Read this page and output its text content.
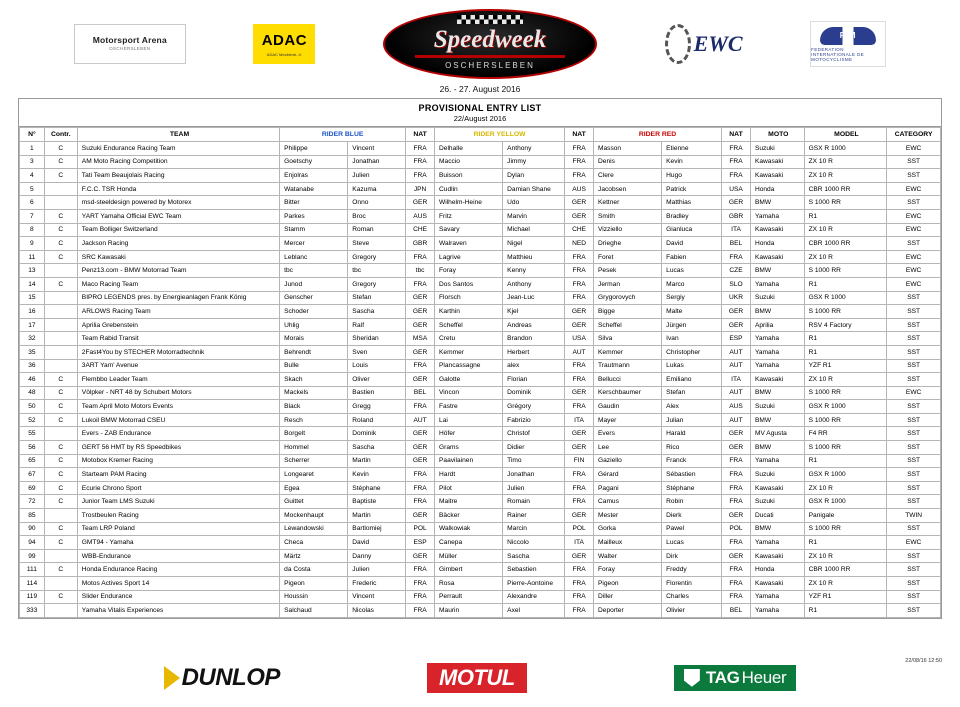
Motorsport Arena
OSCHERSLEBEN	ADAC
ADAC Mecklenb.-V.
Speedweek
OSCHERSLEBEN
EWC	FIM
FEDERATION INTERNATIONALE DE MOTOCYCLISME
26. - 27. August 2016
PROVISIONAL ENTRY LIST
22/August 2016
N°	Contr.	TEAM	RIDER BLUE		NAT	RIDER YELLOW		NAT	RIDER RED		NAT	MOTO	MODEL	CATEGORY
1	C	Suzuki Endurance Racing Team	Philippe	Vincent	FRA	Delhalle	Anthony	FRA	Masson	Etienne	FRA	Suzuki	GSX R 1000	EWC
3	C	AM Moto Racing Competition	Goetschy	Jonathan	FRA	Maccio	Jimmy	FRA	Denis	Kevin	FRA	Kawasaki	ZX 10 R	SST
4	C	Tati Team Beaujolais Racing	Enjolras	Julien	FRA	Buisson	Dylan	FRA	Clere	Hugo	FRA	Kawasaki	ZX 10 R	SST
5		F.C.C. TSR Honda	Watanabe	Kazuma	JPN	Cudlin	Damian Shane	AUS	Jacobsen	Patrick	USA	Honda	CBR 1000 RR	EWC
6		msd-steeldesign powered by Motorex	Bitter	Onno	GER	Wilhelm-Heine	Udo	GER	Kettner	Matthias	GER	BMW	S 1000 RR	SST
7	C	YART Yamaha Official EWC Team	Parkes	Broc	AUS	Fritz	Marvin	GER	Smith	Bradley	GBR	Yamaha	R1	EWC
8	C	Team Bolliger Switzerland	Stamm	Roman	CHE	Savary	Michael	CHE	Vizziello	Gianluca	ITA	Kawasaki	ZX 10 R	EWC
9	C	Jackson Racing	Mercer	Steve	GBR	Walraven	Nigel	NED	Drieghe	David	BEL	Honda	CBR 1000 RR	SST
11	C	SRC Kawasaki	Leblanc	Gregory	FRA	Lagrive	Matthieu	FRA	Foret	Fabien	FRA	Kawasaki	ZX 10 R	EWC
13		Penz13.com - BMW Motorrad Team	tbc	tbc	tbc	Foray	Kenny	FRA	Pesek	Lucas	CZE	BMW	S 1000 RR	EWC
14	C	Maco Racing Team	Junod	Gregory	FRA	Dos Santos	Anthony	FRA	Jerman	Marco	SLO	Yamaha	R1	EWC
15		BIPRO LEGENDS pres. by Energieanlagen Frank König	Genscher	Stefan	GER	Florsch	Jean-Luc	FRA	Grygorovych	Sergiy	UKR	Suzuki	GSX R 1000	SST
16		ARLOWS Racing Team	Schoder	Sascha	GER	Karthin	Kjel	GER	Bigge	Malte	GER	BMW	S 1000 RR	SST
17		Aprilia Grebenstein	Uhlig	Ralf	GER	Scheffel	Andreas	GER	Scheffel	Jürgen	GER	Aprilia	RSV 4 Factory	SST
32		Team Rabid Transit	Morais	Sheridan	MSA	Cretu	Brandon	USA	Silva	Ivan	ESP	Yamaha	R1	SST
35		2Fast4You by STECHER Motorradtechnik	Behrendt	Sven	GER	Kemmer	Herbert	AUT	Kemmer	Christopher	AUT	Yamaha	R1	SST
36		3ART Yam' Avenue	Bulle	Louis	FRA	Plancassagne	alex	FRA	Trautmann	Lukas	AUT	Yamaha	YZF R1	SST
46	C	Flembbo Leader Team	Skach	Oliver	GER	Galotte	Florian	FRA	Bellucci	Emiliano	ITA	Kawasaki	ZX 10 R	SST
48	C	Völpker - NRT 48 by Schubert Motors	Mackels	Bastien	BEL	Vincon	Dominik	GER	Kerschbaumer	Stefan	AUT	BMW	S 1000 RR	EWC
50	C	Team April Moto Motors Events	Black	Gregg	FRA	Fastre	Grégory	FRA	Gaudin	Alex	AUS	Suzuki	GSX R 1000	SST
52	C	Lukoil BMW Motorrad CSEU	Resch	Roland	AUT	Lai	Fabrizio	ITA	Mayer	Julian	AUT	BMW	S 1000 RR	SST
55		Evers - ZAB Endurance	Borgelt	Dominik	GER	Höfer	Christof	GER	Evers	Harald	GER	MV Agusta	F4 RR	SST
56	C	GERT 56 HMT by RS Speedbikes	Hommel	Sascha	GER	Grams	Didier	GER	Lee	Rico	GER	BMW	S 1000 RR	SST
65	C	Motobox Kremer Racing	Scherrer	Martin	GER	Paavilainen	Timo	FIN	Gaziello	Franck	FRA	Yamaha	R1	SST
67	C	Starteam PAM Racing	Longearet	Kevin	FRA	Hardt	Jonathan	FRA	Gérard	Sébastien	FRA	Suzuki	GSX R 1000	SST
69	C	Ecurie Chrono Sport	Egea	Stéphane	FRA	Pilot	Julien	FRA	Pagani	Stéphane	FRA	Kawasaki	ZX 10 R	SST
72	C	Junior Team LMS Suzuki	Guittet	Baptiste	FRA	Maitre	Romain	FRA	Camus	Robin	FRA	Suzuki	GSX R 1000	SST
85		Trostbeulen Racing	Mockenhaupt	Martin	GER	Bäcker	Rainer	GER	Mester	Dierk	GER	Ducati	Panigale	TWIN
90	C	Team LRP Poland	Lewandowski	Bartlomiej	POL	Walkowiak	Marcin	POL	Gorka	Pawel	POL	BMW	S 1000 RR	SST
94	C	GMT94 - Yamaha	Checa	David	ESP	Canepa	Niccolo	ITA	Mailleux	Lucas	FRA	Yamaha	R1	EWC
99		WBB-Endurance	Märtz	Danny	GER	Müller	Sascha	GER	Walter	Dirk	GER	Kawasaki	ZX 10 R	SST
111	C	Honda Endurance Racing	da Costa	Julien	FRA	Gimbert	Sebastien	FRA	Foray	Freddy	FRA	Honda	CBR 1000 RR	SST
114		Motos Actives Sport 14	Pigeon	Frederic	FRA	Rosa	Pierre-Aontoine	FRA	Pigeon	Florentin	FRA	Kawasaki	ZX 10 R	SST
119	C	Slider Endurance	Houssin	Vincent	FRA	Perrault	Alexandre	FRA	Diller	Charles	FRA	Yamaha	YZF R1	SST
333		Yamaha Vitalis Experiences	Salchaud	Nicolas	FRA	Maurin	Axel	FRA	Deporter	Olivier	BEL	Yamaha	R1	SST
DUNLOP	MOTUL	TAG Heuer
22/08/16 12:50
